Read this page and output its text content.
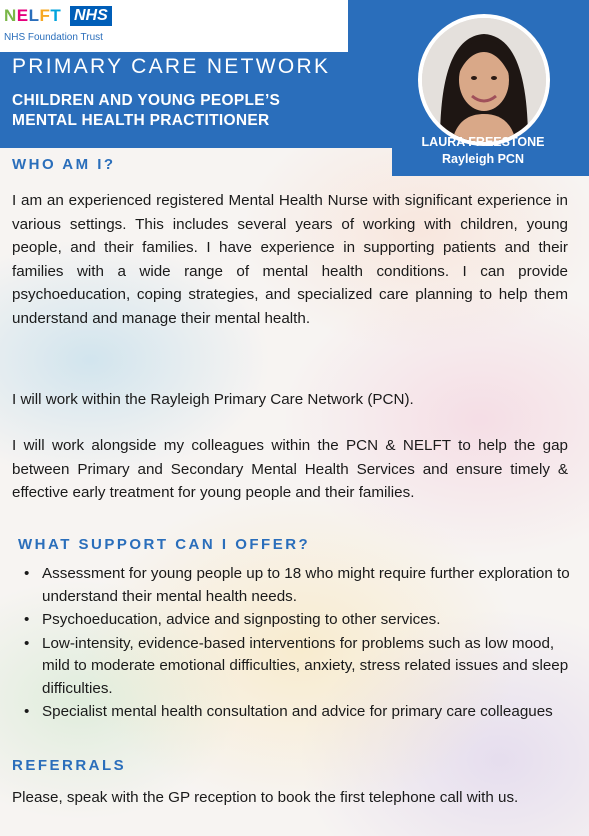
NELFT NHS
NHS Foundation Trust
PRIMARY CARE NETWORK
CHILDREN AND YOUNG PEOPLE’S
MENTAL HEALTH PRACTITIONER
LAURA FREESTONE
Rayleigh PCN
WHO AM I?
I am an experienced registered Mental Health Nurse with significant experience in various settings. This includes several years of working with children, young people, and their families. I have experience in supporting patients and their families with a wide range of mental health conditions. I can provide psychoeducation, coping strategies, and specialized care planning to help them understand and manage their mental health.
I will work within the Rayleigh Primary Care Network (PCN).
I will work alongside my colleagues within the PCN & NELFT to help the gap between Primary and Secondary Mental Health Services and ensure timely & effective early treatment for young people and their families.
WHAT SUPPORT CAN I OFFER?
• Assessment for young people up to 18 who might require further exploration to understand their mental health needs.
• Psychoeducation, advice and signposting to other services.
• Low-intensity, evidence-based interventions for problems such as low mood, mild to moderate emotional difficulties, anxiety, stress related issues and sleep difficulties.
• Specialist mental health consultation and advice for primary care colleagues
REFERRALS
Please, speak with the GP reception to book the first telephone call with us.
